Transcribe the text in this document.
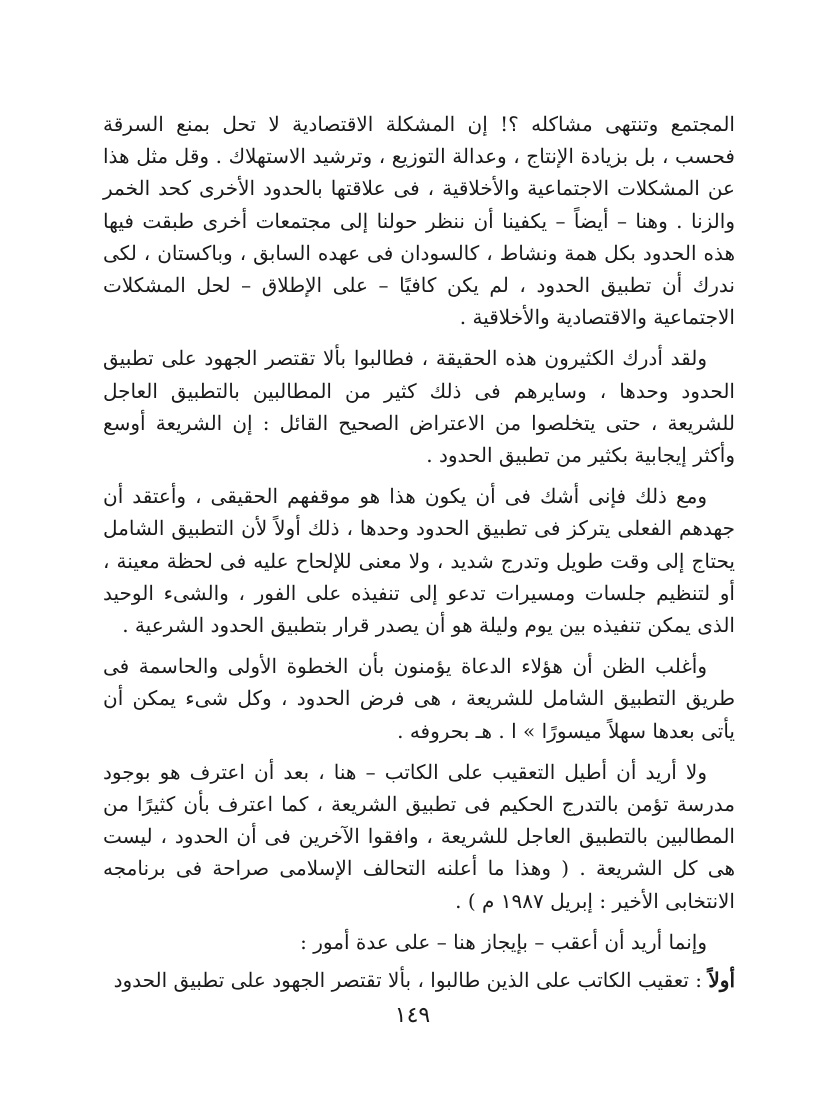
المجتمع وتنتهى مشاكله ؟! إن المشكلة الاقتصادية لا تحل بمنع السرقة فحسب ، بل بزيادة الإنتاج ، وعدالة التوزيع ، وترشيد الاستهلاك . وقل مثل هذا عن المشكلات الاجتماعية والأخلاقية ، فى علاقتها بالحدود الأخرى كحد الخمر والزنا . وهنا – أيضاً – يكفينا أن ننظر حولنا إلى مجتمعات أخرى طبقت فيها هذه الحدود بكل همة ونشاط ، كالسودان فى عهده السابق ، وباكستان ، لكى ندرك أن تطبيق الحدود ، لم يكن كافيًا – على الإطلاق – لحل المشكلات الاجتماعية والاقتصادية والأخلاقية .

ولقد أدرك الكثيرون هذه الحقيقة ، فطالبوا بألا تقتصر الجهود على تطبيق الحدود وحدها ، وسايرهم فى ذلك كثير من المطالبين بالتطبيق العاجل للشريعة ، حتى يتخلصوا من الاعتراض الصحيح القائل : إن الشريعة أوسع وأكثر إيجابية بكثير من تطبيق الحدود .

ومع ذلك فإنى أشك فى أن يكون هذا هو موقفهم الحقيقى ، وأعتقد أن جهدهم الفعلى يتركز فى تطبيق الحدود وحدها ، ذلك أولاً لأن التطبيق الشامل يحتاج إلى وقت طويل وتدرج شديد ، ولا معنى للإلحاح عليه فى لحظة معينة ، أو لتنظيم جلسات ومسيرات تدعو إلى تنفيذه على الفور ، والشىء الوحيد الذى يمكن تنفيذه بين يوم وليلة هو أن يصدر قرار بتطبيق الحدود الشرعية .

وأغلب الظن أن هؤلاء الدعاة يؤمنون بأن الخطوة الأولى والحاسمة فى طريق التطبيق الشامل للشريعة ، هى فرض الحدود ، وكل شىء يمكن أن يأتى بعدها سهلاً ميسورًا » ا . هـ بحروفه .

ولا أريد أن أطيل التعقيب على الكاتب – هنا ، بعد أن اعترف هو بوجود مدرسة تؤمن بالتدرج الحكيم فى تطبيق الشريعة ، كما اعترف بأن كثيرًا من المطالبين بالتطبيق العاجل للشريعة ، وافقوا الآخرين فى أن الحدود ، ليست هى كل الشريعة . ( وهذا ما أعلنه التحالف الإسلامى صراحة فى برنامجه الانتخابى الأخير : إبريل ١٩٨٧ م ) .

وإنما أريد أن أعقب – بإيجاز هنا – على عدة أمور :

أولاً : تعقيب الكاتب على الذين طالبوا ، بألا تقتصر الجهود على تطبيق الحدود

١٤٩
